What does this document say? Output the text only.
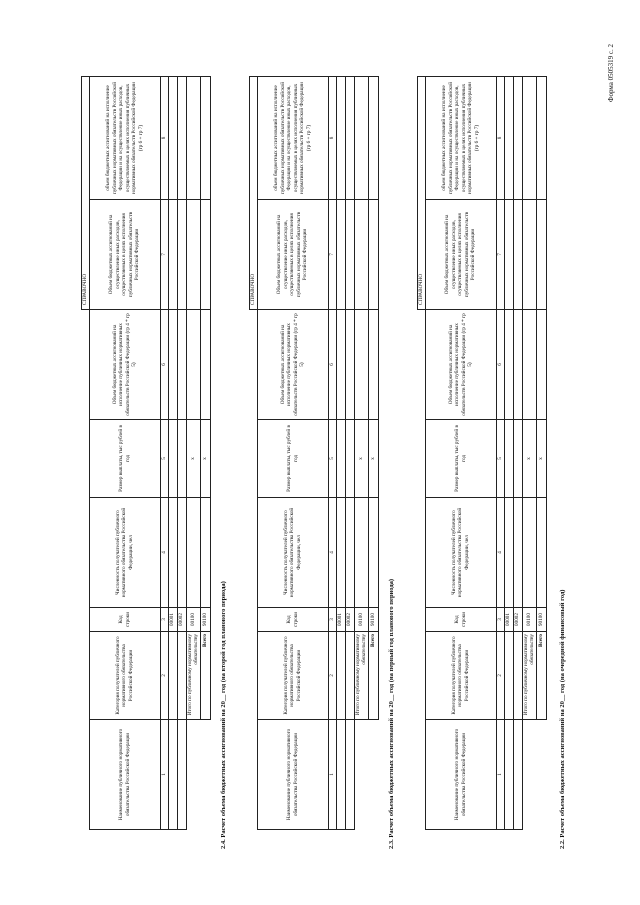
Форма 0505319 с. 2
2.2. Расчет объема бюджетных ассигнований на 20__ год (на очередной финансовый год)
2.3. Расчет объема бюджетных ассигнований на 20__ год (на первый год планового периода)
2.4. Расчет объема бюджетных ассигнований на 20__ год (на второй год планового периода)
						СПРАВОЧНО	
Наименование публичного нормативного обязательства Российской Федерации	Категория получателей публичного нормативного обязательства Российской Федерации	Код строки	Численность получателей публичного нормативного обязательства Российской Федерации, чел	Размер выплаты, тыс рублей в год	Объем бюджетных ассигнований на исполнение публичных нормативных обязательств Российской Федерации (гр 4 * гр 5)	Объем бюджетных ассигнований на осуществление иных расходов, осуществляемых в целях исполнения публичных нормативных обязательств Российской Федерации	объем бюджетных ассигнований на исполнение публичных нормативных обязательств Российской Федерации и на осуществление иных расходов, осуществляемых в целях исполнения публичных нормативных обязательств Российской Федерации (гр 6 + гр 7)
1	2	3	4	5	6	7	8
		00001					
		00002					
	Итого по публичному нормативному обязательству	00100		x			
	Всего	90100		x			
						СПРАВОЧНО	
Наименование публичного нормативного обязательства Российской Федерации	Категория получателей публичного нормативного обязательства Российской Федерации	Код строки	Численность получателей публичного нормативного обязательства Российской Федерации, чел	Размер выплаты, тыс рублей в год	Объем бюджетных ассигнований на исполнение публичных нормативных обязательств Российской Федерации (гр 4 * гр 5)	Объем бюджетных ассигнований на осуществление иных расходов, осуществляемых в целях исполнения публичных нормативных обязательств Российской Федерации	объем бюджетных ассигнований на исполнение публичных нормативных обязательств Российской Федерации и на осуществление иных расходов, осуществляемых в целях исполнения публичных нормативных обязательств Российской Федерации (гр 6 + гр 7)
1	2	3	4	5	6	7	8
		00001					
		00002					
	Итого по публичному нормативному обязательству	00100		x			
	Всего	90100		x			
						СПРАВОЧНО	
Наименование публичного нормативного обязательства Российской Федерации	Категория получателей публичного нормативного обязательства Российской Федерации	Код строки	Численность получателей публичного нормативного обязательства Российской Федерации, чел	Размер выплаты, тыс рублей в год	Объем бюджетных ассигнований на исполнение публичных нормативных обязательств Российской Федерации (гр 4 * гр 5)	Объем бюджетных ассигнований на осуществление иных расходов, осуществляемых в целях исполнения публичных нормативных обязательств Российской Федерации	объем бюджетных ассигнований на исполнение публичных нормативных обязательств Российской Федерации и на осуществление иных расходов, осуществляемых в целях исполнения публичных нормативных обязательств Российской Федерации (гр 6 + гр 7)
1	2	3	4	5	6	7	8
		00001					
		00002					
	Итого по публичному нормативному обязательству	00100		x			
	Всего	90100		x			
